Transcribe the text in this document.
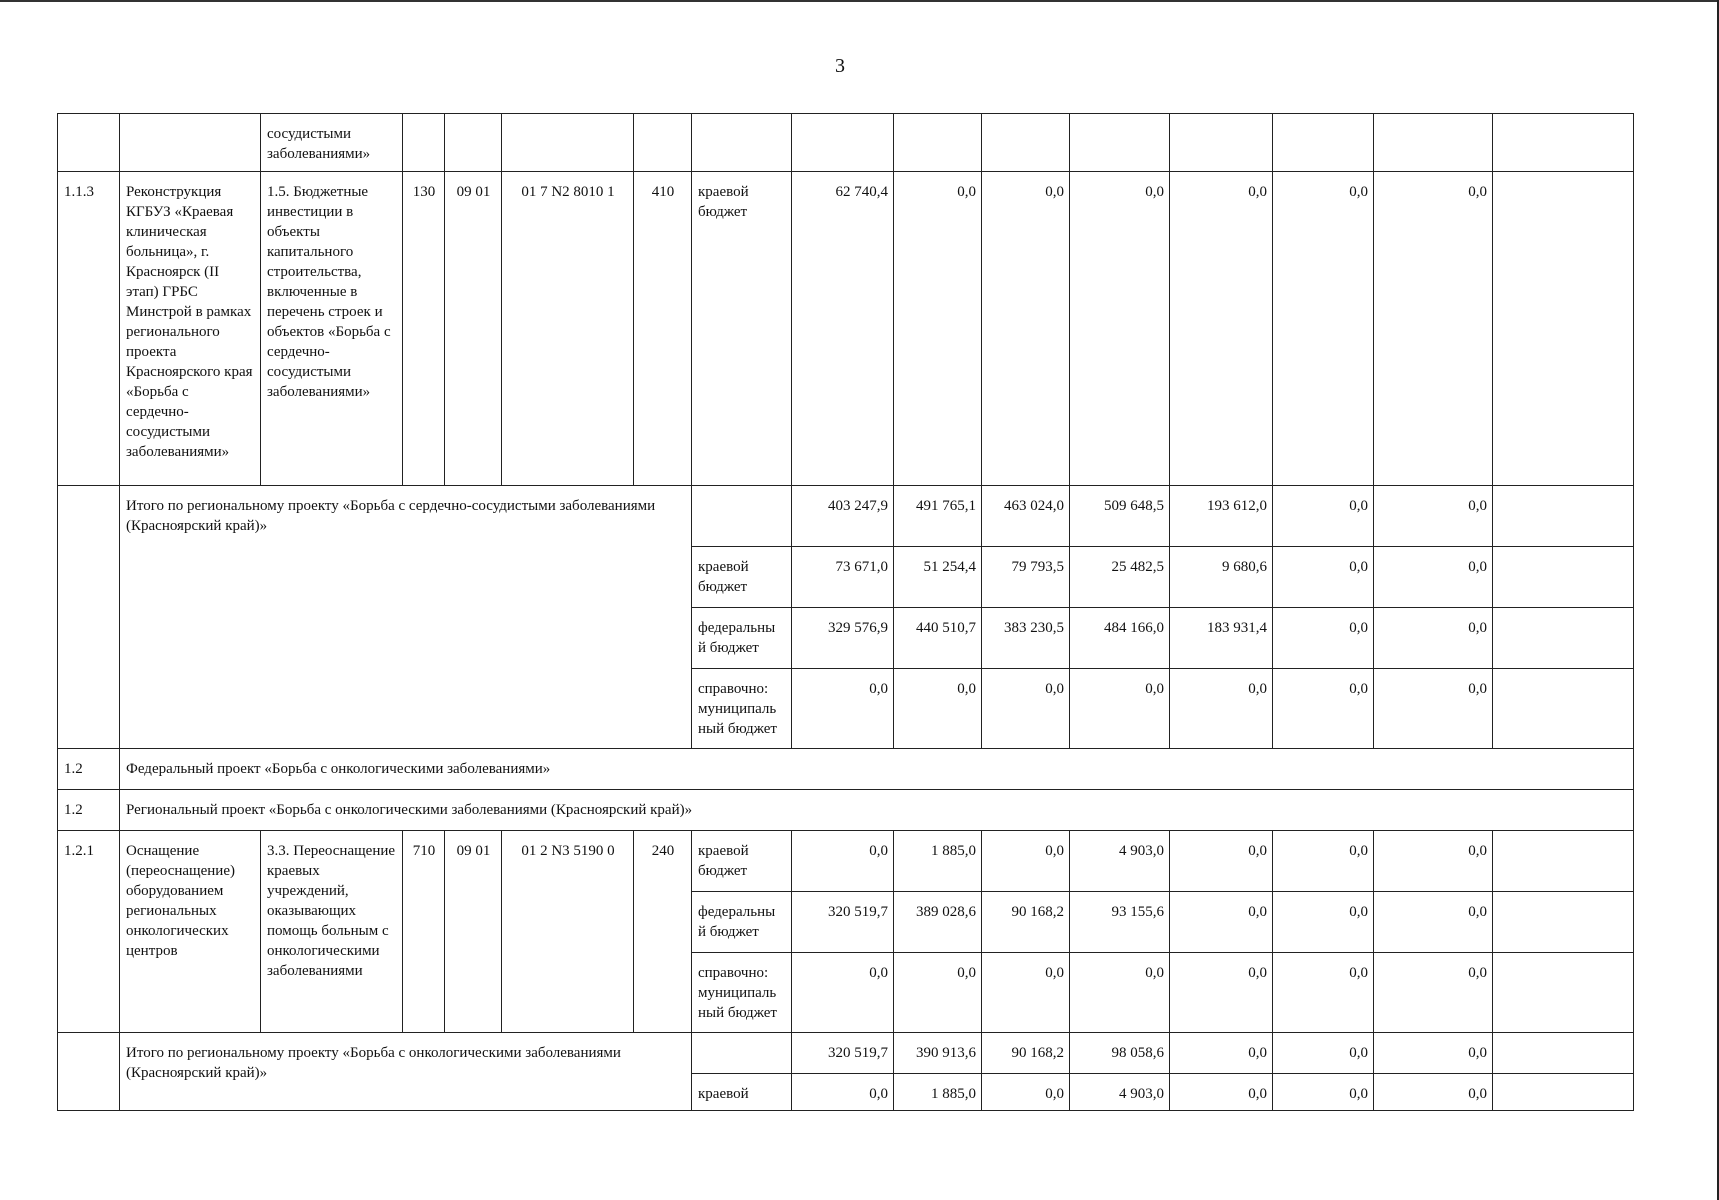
3
		сосудистыми заболеваниями»													
1.1.3	Реконструкция КГБУЗ «Краевая клиническая больница», г. Красноярск (II этап) ГРБС Минстрой в рамках регионального проекта Красноярского края «Борьба с сердечно-сосудистыми заболеваниями»	1.5. Бюджетные инвестиции в объекты капитального строительства, включенные в перечень строек и объектов «Борьба с сердечно-сосудистыми заболеваниями»	130	09 01	01 7 N2 8010 1	410	краевой бюджет	62 740,4	0,0	0,0	0,0	0,0	0,0	0,0	
	Итого по региональному проекту «Борьба с сердечно-сосудистыми заболеваниями (Красноярский край)»							403 247,9	491 765,1	463 024,0	509 648,5	193 612,0	0,0	0,0	
							краевой бюджет	73 671,0	51 254,4	79 793,5	25 482,5	9 680,6	0,0	0,0	
							федеральны й бюджет	329 576,9	440 510,7	383 230,5	484 166,0	183 931,4	0,0	0,0	
							справочно: муниципаль ный бюджет	0,0	0,0	0,0	0,0	0,0	0,0	0,0	
1.2	Федеральный проект «Борьба с онкологическими заболеваниями»														
1.2	Региональный проект «Борьба с онкологическими заболеваниями (Красноярский край)»														
1.2.1	Оснащение (переоснащение) оборудованием региональных онкологических центров	3.3. Переоснащение краевых учреждений, оказывающих помощь больным с онкологическими заболеваниями	710	09 01	01 2 N3 5190 0	240	краевой бюджет	0,0	1 885,0	0,0	4 903,0	0,0	0,0	0,0	
							федеральны й бюджет	320 519,7	389 028,6	90 168,2	93 155,6	0,0	0,0	0,0	
							справочно: муниципаль ный бюджет	0,0	0,0	0,0	0,0	0,0	0,0	0,0	
	Итого по региональному проекту «Борьба с онкологическими заболеваниями (Красноярский край)»							320 519,7	390 913,6	90 168,2	98 058,6	0,0	0,0	0,0	
							краевой	0,0	1 885,0	0,0	4 903,0	0,0	0,0	0,0	
